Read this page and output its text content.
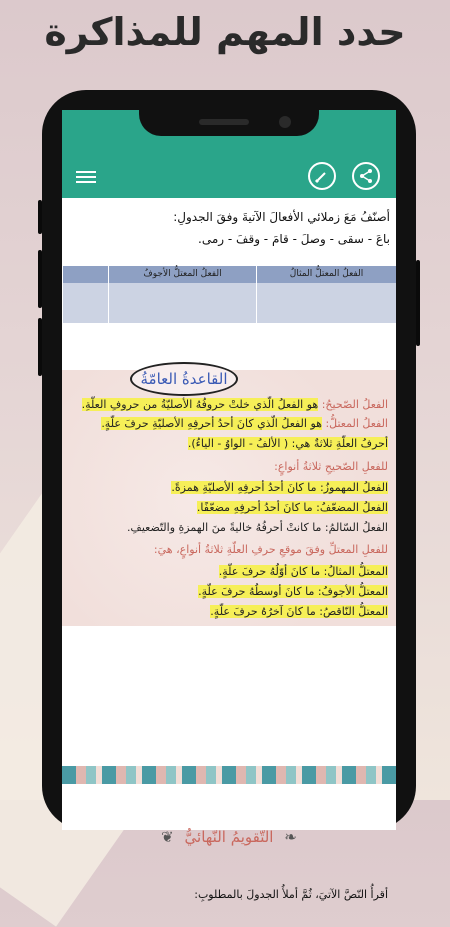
حدد المهم للمذاكرة
أصنّفُ مَعَ زملائي الأفعالَ الآتيةَ وفقَ الجدولِ:
باعَ - سقى - وصلَ - قامَ - وقفَ - رمى.
الفعلُ المعتلُّ المثالُ
الفعلُ المعتلُّ الأجوفُ
القاعدةُ العامّةُ
الفعلُ الصّحيحُ: هو الفعلُ الّذي خلتْ حروفُهُ الأصليّةُ من حروفِ العلّةِ.
الفعلُ المعتلُّ: هو الفعلُ الّذي كانَ أحدُ أحرفِهِ الأصليّةِ حرفَ علّةٍ.
أحرفُ العلّةِ ثلاثةٌ هي: ( الألفُ - الواوُ - الياءُ).
للفعلِ الصّحيحِ ثلاثةُ أنواعٍ:
الفعلُ المهموزُ: ما كانَ أحدُ أحرفِهِ الأصليّةِ همزةً.
الفعلُ المضعّفُ: ما كانَ أحدُ أحرفِهِ مضعّفًا.
الفعلُ السّالمُ: ما كانتْ أحرفُهُ خاليةً منَ الهمزةِ والتّضعيفِ.
للفعلِ المعتلِّ وفقَ موقعِ حرفِ العلّةِ ثلاثةُ أنواعٍ، هيَ:
المعتلُّ المثالُ: ما كانَ أوّلُهُ حرفَ علّةٍ.
المعتلُّ الأجوفُ: ما كانَ أوسطُهُ حرفَ علّةٍ.
المعتلُّ النّاقصُ: ما كانَ آخرُهُ حرفَ علّةٍ.
❦ التّقويمُ النّهائيُّ ❧
أقرأُ النّصَّ الآتيَ، ثُمَّ أملأُ الجدولَ بالمطلوبِ:
